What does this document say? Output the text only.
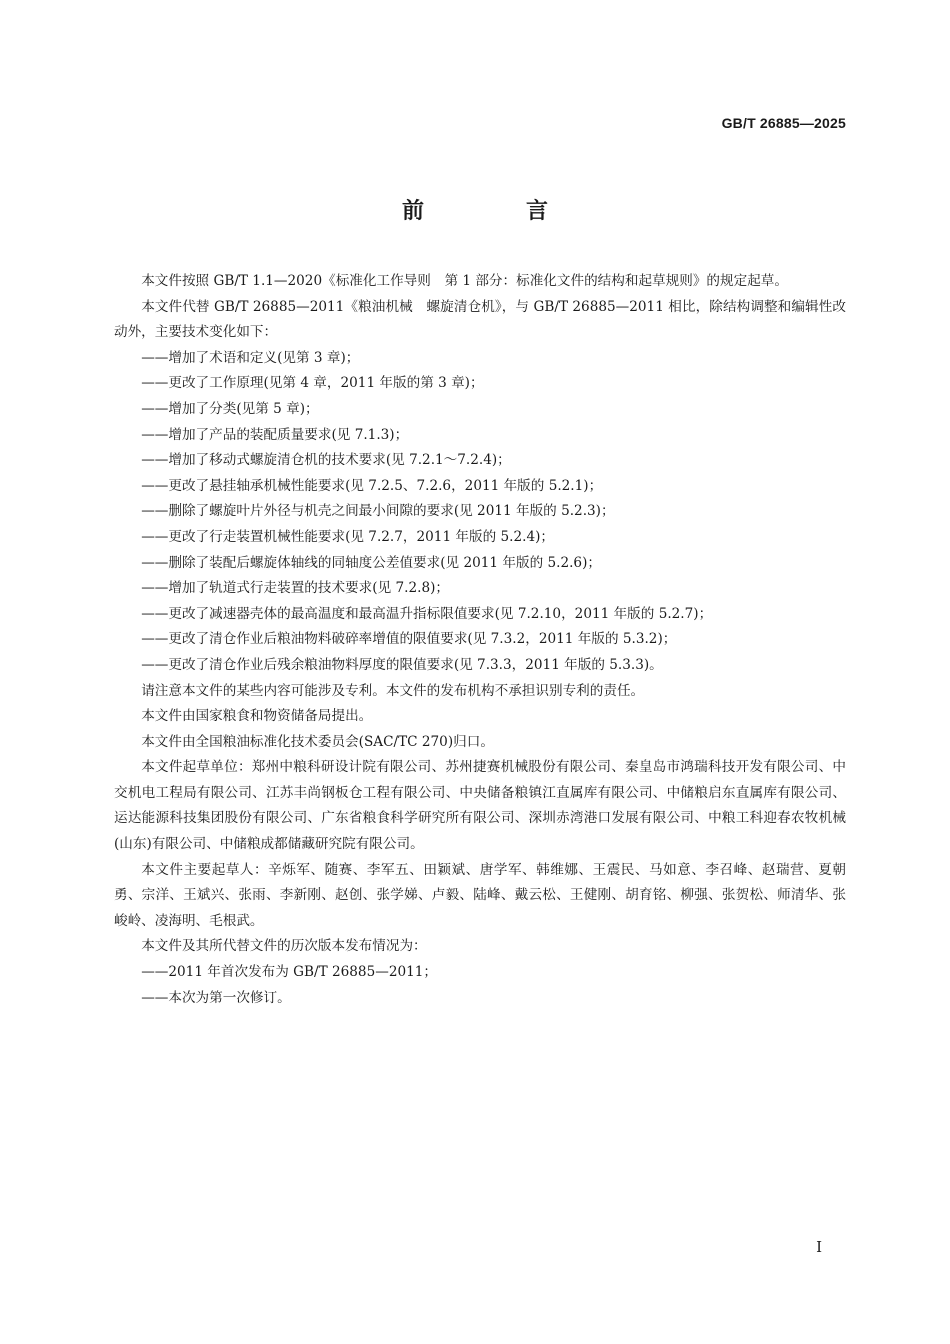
GB/T 26885—2025
前　言

本文件按照 GB/T 1.1—2020《标准化工作导则　第 1 部分：标准化文件的结构和起草规则》的规定起草。

本文件代替 GB/T 26885—2011《粮油机械　螺旋清仓机》，与 GB/T 26885—2011 相比，除结构调整和编辑性改动外，主要技术变化如下：

——增加了术语和定义(见第 3 章)；

——更改了工作原理(见第 4 章，2011 年版的第 3 章)；

——增加了分类(见第 5 章)；

——增加了产品的装配质量要求(见 7.1.3)；

——增加了移动式螺旋清仓机的技术要求(见 7.2.1～7.2.4)；

——更改了悬挂轴承机械性能要求(见 7.2.5、7.2.6，2011 年版的 5.2.1)；

——删除了螺旋叶片外径与机壳之间最小间隙的要求(见 2011 年版的 5.2.3)；

——更改了行走装置机械性能要求(见 7.2.7，2011 年版的 5.2.4)；

——删除了装配后螺旋体轴线的同轴度公差值要求(见 2011 年版的 5.2.6)；

——增加了轨道式行走装置的技术要求(见 7.2.8)；

——更改了减速器壳体的最高温度和最高温升指标限值要求(见 7.2.10，2011 年版的 5.2.7)；

——更改了清仓作业后粮油物料破碎率增值的限值要求(见 7.3.2，2011 年版的 5.3.2)；

——更改了清仓作业后残余粮油物料厚度的限值要求(见 7.3.3，2011 年版的 5.3.3)。

请注意本文件的某些内容可能涉及专利。本文件的发布机构不承担识别专利的责任。

本文件由国家粮食和物资储备局提出。

本文件由全国粮油标准化技术委员会(SAC/TC 270)归口。

本文件起草单位：郑州中粮科研设计院有限公司、苏州捷赛机械股份有限公司、秦皇岛市鸿瑞科技开发有限公司、中交机电工程局有限公司、江苏丰尚钢板仓工程有限公司、中央储备粮镇江直属库有限公司、中储粮启东直属库有限公司、运达能源科技集团股份有限公司、广东省粮食科学研究所有限公司、深圳赤湾港口发展有限公司、中粮工科迎春农牧机械(山东)有限公司、中储粮成都储藏研究院有限公司。

本文件主要起草人：辛烁军、随赛、李军五、田颖斌、唐学军、韩维娜、王震民、马如意、李召峰、赵瑞营、夏朝勇、宗洋、王斌兴、张雨、李新刚、赵创、张学娣、卢毅、陆峰、戴云松、王健刚、胡育铭、柳强、张贺松、师清华、张峻岭、凌海明、毛根武。

本文件及其所代替文件的历次版本发布情况为：

——2011 年首次发布为 GB/T 26885—2011；

——本次为第一次修订。

I
